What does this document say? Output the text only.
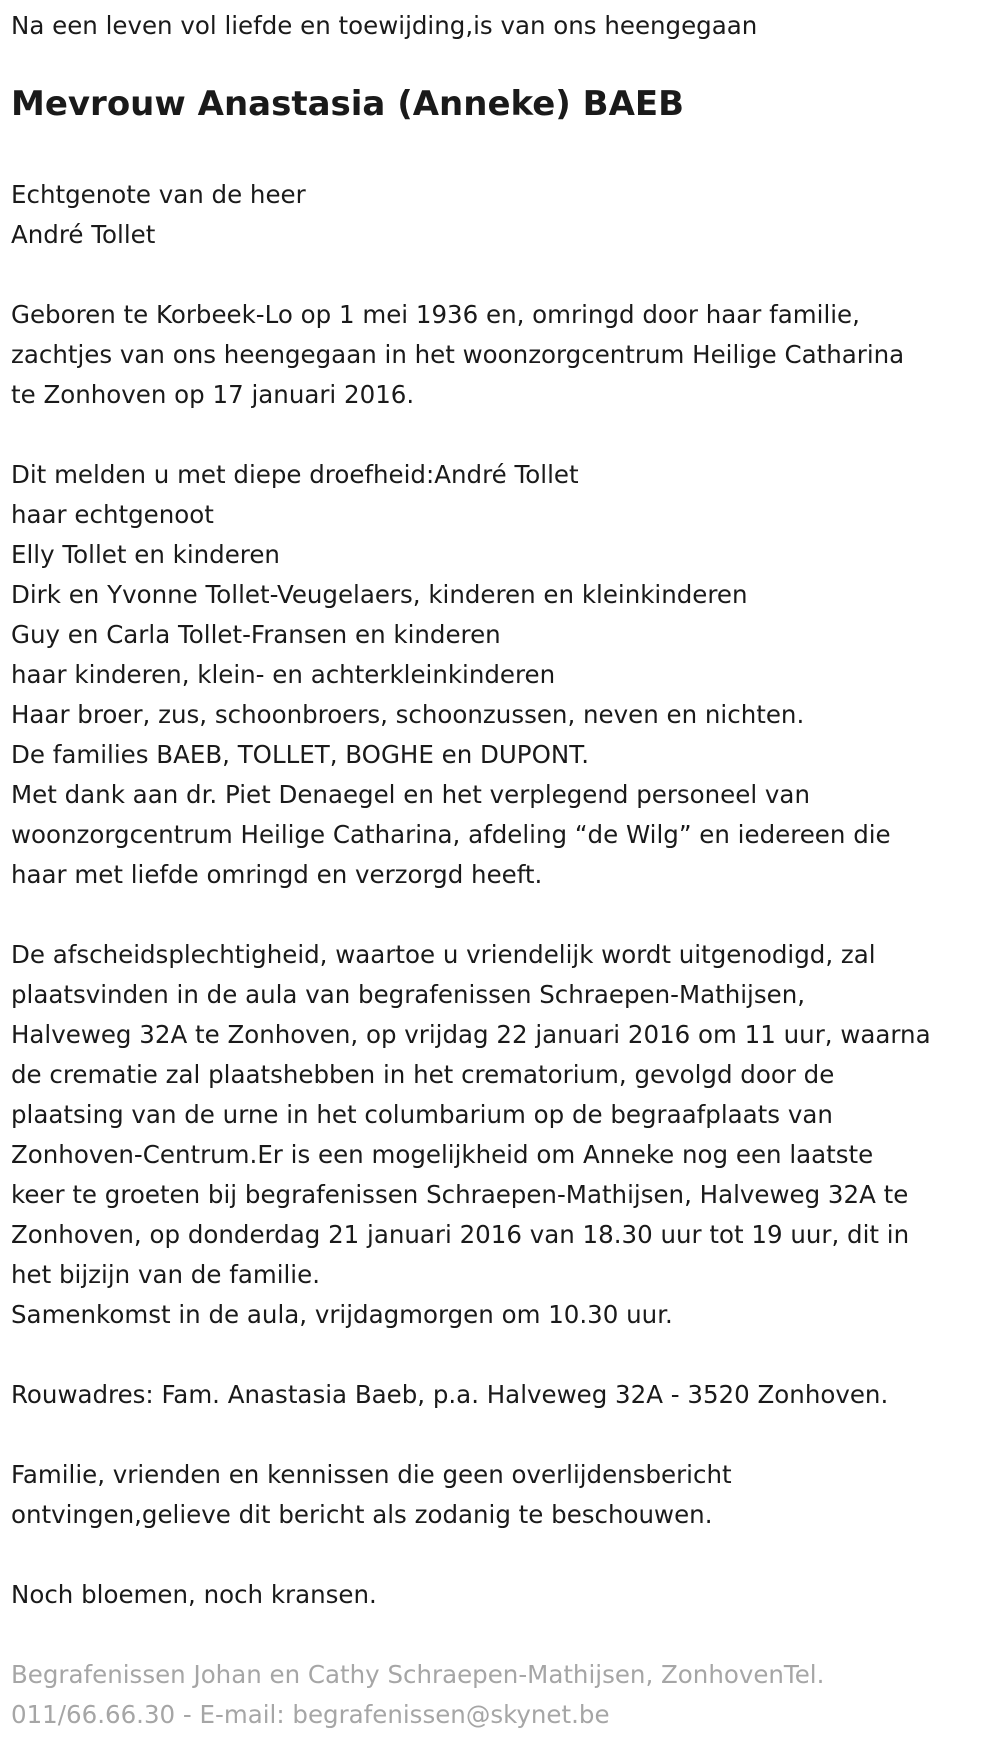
Na een leven vol liefde en toewijding,is van ons heengegaan
Mevrouw Anastasia (Anneke) BAEB
Echtgenote van de heer
André Tollet
Geboren te Korbeek-Lo op 1 mei 1936 en, omringd door haar familie,
zachtjes van ons heengegaan in het woonzorgcentrum Heilige Catharina
te Zonhoven op 17 januari 2016.
Dit melden u met diepe droefheid:André Tollet
haar echtgenoot
Elly Tollet en kinderen
Dirk en Yvonne Tollet-Veugelaers, kinderen en kleinkinderen
Guy en Carla Tollet-Fransen en kinderen
haar kinderen, klein- en achterkleinkinderen
Haar broer, zus, schoonbroers, schoonzussen, neven en nichten.
De families BAEB, TOLLET, BOGHE en DUPONT.
Met dank aan dr. Piet Denaegel en het verplegend personeel van
woonzorgcentrum Heilige Catharina, afdeling “de Wilg” en iedereen die
haar met liefde omringd en verzorgd heeft.
De afscheidsplechtigheid, waartoe u vriendelijk wordt uitgenodigd, zal
plaatsvinden in de aula van begrafenissen Schraepen-Mathijsen,
Halveweg 32A te Zonhoven, op vrijdag 22 januari 2016 om 11 uur, waarna
de crematie zal plaatshebben in het crematorium, gevolgd door de
plaatsing van de urne in het columbarium op de begraafplaats van
Zonhoven-Centrum.Er is een mogelijkheid om Anneke nog een laatste
keer te groeten bij begrafenissen Schraepen-Mathijsen, Halveweg 32A te
Zonhoven, op donderdag 21 januari 2016 van 18.30 uur tot 19 uur, dit in
het bijzijn van de familie.
Samenkomst in de aula, vrijdagmorgen om 10.30 uur.
Rouwadres: Fam. Anastasia Baeb, p.a. Halveweg 32A - 3520 Zonhoven.
Familie, vrienden en kennissen die geen overlijdensbericht
ontvingen,gelieve dit bericht als zodanig te beschouwen.
Noch bloemen, noch kransen.
Begrafenissen Johan en Cathy Schraepen-Mathijsen, ZonhovenTel.
011/66.66.30 - E-mail: begrafenissen@skynet.be
